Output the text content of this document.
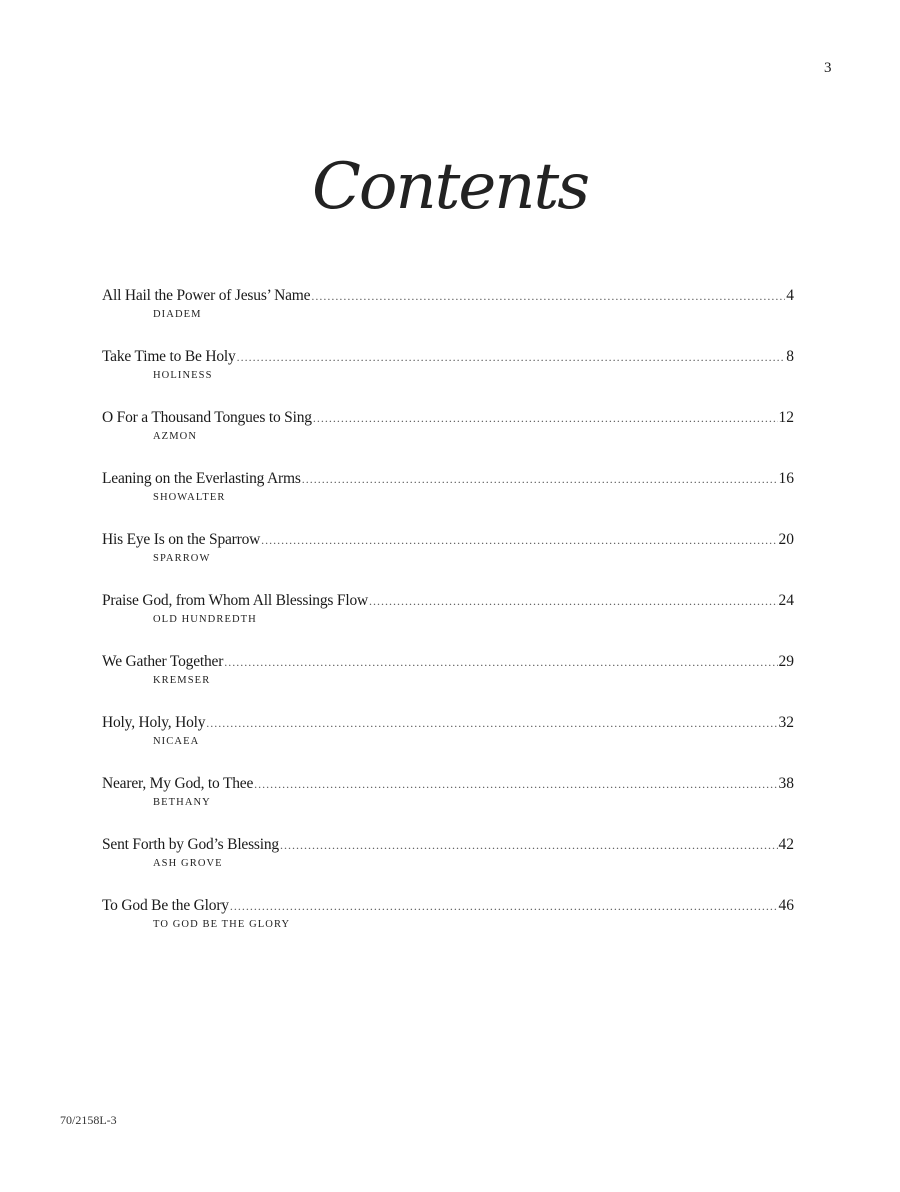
3
Contents
All Hail the Power of Jesus’ Name .....	4
DIADEM
Take Time to Be Holy .....	8
HOLINESS
O For a Thousand Tongues to Sing .....	12
AZMON
Leaning on the Everlasting Arms .....	16
SHOWALTER
His Eye Is on the Sparrow .....	20
SPARROW
Praise God, from Whom All Blessings Flow .....	24
OLD HUNDREDTH
We Gather Together .....	29
KREMSER
Holy, Holy, Holy .....	32
NICAEA
Nearer, My God, to Thee .....	38
BETHANY
Sent Forth by God’s Blessing .....	42
ASH GROVE
To God Be the Glory .....	46
TO GOD BE THE GLORY
70/2158L-3
